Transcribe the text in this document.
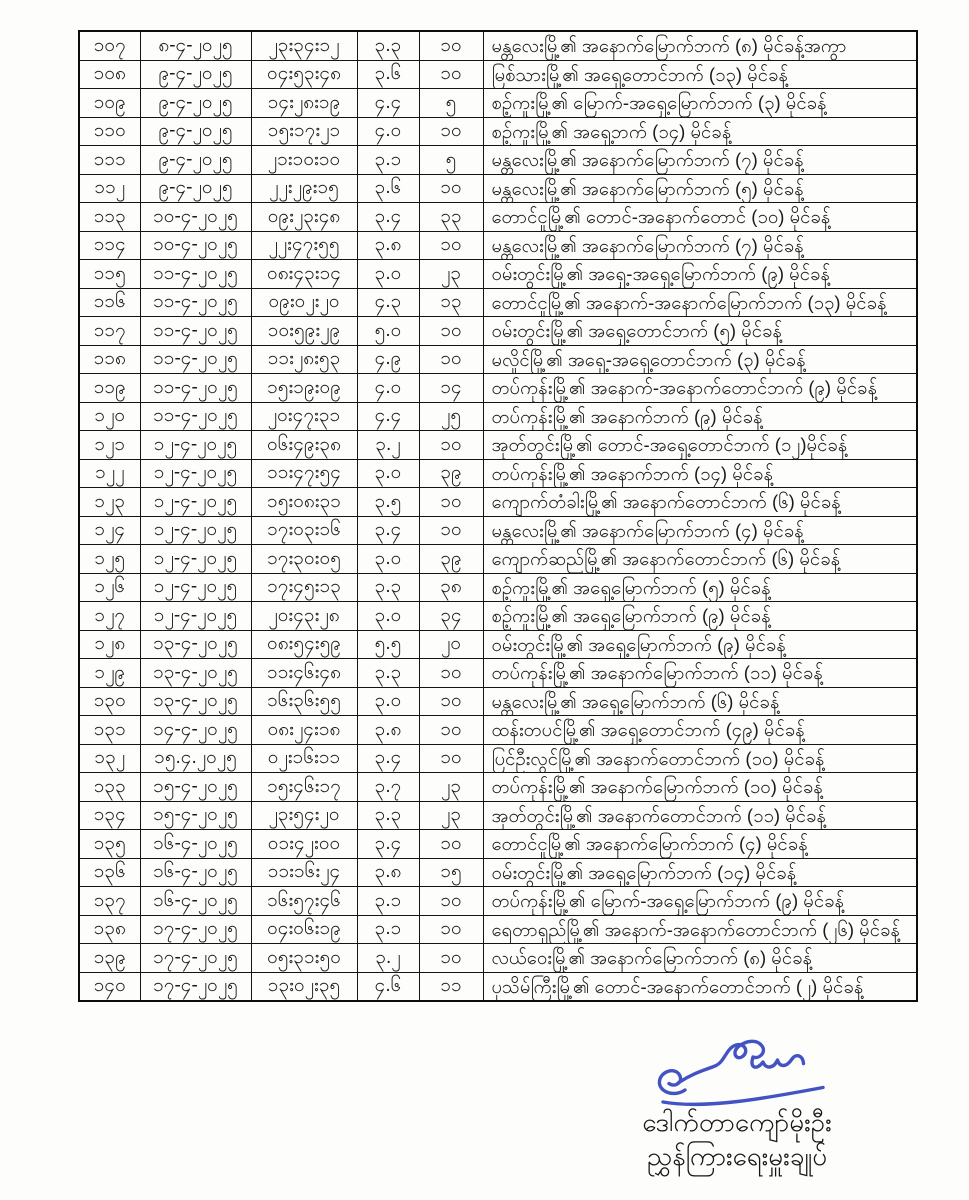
၁၀၇	၈-၄-၂၀၂၅	၂၃း၃၄း၁၂	၃.၃	၁၀	မန္တလေးမြို့၏ အနောက်မြောက်ဘက် (၈) မိုင်ခန့်အကွာ
၁၀၈	၉-၄-၂၀၂၅	၀၄း၅၃း၄၈	၃.၆	၁၀	မြစ်သားမြို့၏ အရှေ့တောင်ဘက် (၁၃) မိုင်ခန့်
၁၀၉	၉-၄-၂၀၂၅	၁၄း၂၈း၁၉	၄.၄	၅	စဉ့်ကူးမြို့၏ မြောက်-အရှေ့မြောက်ဘက် (၃) မိုင်ခန့်
၁၁၀	၉-၄-၂၀၂၅	၁၅း၁၇း၂၁	၄.၀	၁၀	စဉ့်ကူးမြို့၏ အရှေ့ဘက် (၁၄) မိုင်ခန့်
၁၁၁	၉-၄-၂၀၂၅	၂၁း၁၀း၁၀	၃.၁	၅	မန္တလေးမြို့၏ အနောက်မြောက်ဘက် (၇) မိုင်ခန့်
၁၁၂	၉-၄-၂၀၂၅	၂၂း၂၉း၁၅	၃.၆	၁၀	မန္တလေးမြို့၏ အနောက်မြောက်ဘက် (၅) မိုင်ခန့်
၁၁၃	၁၀-၄-၂၀၂၅	၀၉း၂၃း၄၈	၃.၄	၃၃	တောင်ငူမြို့၏ တောင်-အနောက်တောင် (၁၀) မိုင်ခန့်
၁၁၄	၁၀-၄-၂၀၂၅	၂၂း၄၇း၅၅	၃.၈	၁၀	မန္တလေးမြို့၏ အနောက်မြောက်ဘက် (၇) မိုင်ခန့်
၁၁၅	၁၁-၄-၂၀၂၅	၀၈း၄၃း၁၄	၃.၀	၂၃	ဝမ်းတွင်းမြို့၏ အရှေ့-အရှေ့မြောက်ဘက် (၉) မိုင်ခန့်
၁၁၆	၁၁-၄-၂၀၂၅	၀၉း၀၂း၂၀	၄.၃	၁၃	တောင်ငူမြို့၏ အနောက်-အနောက်မြောက်ဘက် (၁၃) မိုင်ခန့်
၁၁၇	၁၁-၄-၂၀၂၅	၁၀း၅၉း၂၉	၅.၀	၁၀	ဝမ်းတွင်းမြို့၏ အရှေ့တောင်ဘက် (၅) မိုင်ခန့်
၁၁၈	၁၁-၄-၂၀၂၅	၁၁း၂၈း၅၃	၄.၉	၁၀	မလှိုင်မြို့၏ အရှေ့-အရှေ့တောင်ဘက် (၃) မိုင်ခန့်
၁၁၉	၁၁-၄-၂၀၂၅	၁၅း၁၉း၀၉	၄.၀	၁၄	တပ်ကုန်းမြို့၏ အနောက်-အနောက်တောင်ဘက် (၉) မိုင်ခန့်
၁၂၀	၁၁-၄-၂၀၂၅	၂၀း၄၇း၃၁	၄.၄	၂၅	တပ်ကုန်းမြို့၏ အနောက်ဘက် (၉) မိုင်ခန့်
၁၂၁	၁၂-၄-၂၀၂၅	၀၆း၄၉း၃၈	၃.၂	၁၀	အုတ်တွင်းမြို့၏ တောင်-အရှေ့တောင်ဘက် (၁၂)မိုင်ခန့်
၁၂၂	၁၂-၄-၂၀၂၅	၁၁း၄၇း၅၄	၃.၀	၃၉	တပ်ကုန်းမြို့၏ အနောက်ဘက် (၁၄) မိုင်ခန့်
၁၂၃	၁၂-၄-၂၀၂၅	၁၅း၀၈း၃၁	၃.၅	၁၀	ကျောက်တံခါးမြို့၏ အနောက်တောင်ဘက် (၆) မိုင်ခန့်
၁၂၄	၁၂-၄-၂၀၂၅	၁၇း၀၃း၁၆	၃.၄	၁၀	မန္တလေးမြို့၏ အနောက်မြောက်ဘက် (၄) မိုင်ခန့်
၁၂၅	၁၂-၄-၂၀၂၅	၁၇း၃၀း၀၅	၃.၀	၃၉	ကျောက်ဆည်မြို့၏ အနောက်တောင်ဘက် (၆) မိုင်ခန့်
၁၂၆	၁၂-၄-၂၀၂၅	၁၇း၄၅း၁၃	၃.၃	၃၈	စဉ့်ကူးမြို့၏ အရှေ့မြောက်ဘက် (၅) မိုင်ခန့်
၁၂၇	၁၂-၄-၂၀၂၅	၂၀း၄၃း၂၈	၃.၀	၃၄	စဉ့်ကူးမြို့၏ အရှေ့မြောက်ဘက် (၉) မိုင်ခန့်
၁၂၈	၁၃-၄-၂၀၂၅	၀၈း၅၄း၅၉	၅.၅	၂၀	ဝမ်းတွင်းမြို့၏ အရှေ့မြောက်ဘက် (၉) မိုင်ခန့်
၁၂၉	၁၃-၄-၂၀၂၅	၁၁း၄၆း၄၈	၃.၃	၁၀	တပ်ကုန်းမြို့၏ အနောက်မြောက်ဘက် (၁၁) မိုင်ခန့်
၁၃၀	၁၃-၄-၂၀၂၅	၁၆း၃၆း၅၅	၃.၀	၁၀	မန္တလေးမြို့၏ အရှေ့မြောက်ဘက် (၆) မိုင်ခန့်
၁၃၁	၁၄-၄-၂၀၂၅	၀၈း၂၄း၁၈	၃.၈	၁၀	ထန်းတပင်မြို့၏ အရှေ့တောင်ဘက် (၄၉) မိုင်ခန့်
၁၃၂	၁၅.၄.၂၀၂၅	၀၂း၁၆း၁၁	၃.၄	၁၀	ပြင်ဦးလွင်မြို့၏ အနောက်တောင်ဘက် (၁၀) မိုင်ခန့်
၁၃၃	၁၅-၄-၂၀၂၅	၁၅း၄၆း၁၇	၃.၇	၂၃	တပ်ကုန်းမြို့၏ အနောက်မြောက်ဘက် (၁၀) မိုင်ခန့်
၁၃၄	၁၅-၄-၂၀၂၅	၂၃း၅၄း၂၀	၃.၃	၂၃	အုတ်တွင်းမြို့၏ အနောက်တောင်ဘက် (၁၁) မိုင်ခန့်
၁၃၅	၁၆-၄-၂၀၂၅	၀၁း၄၂း၀၀	၃.၄	၁၀	တောင်ငူမြို့၏ အနောက်မြောက်ဘက် (၄) မိုင်ခန့်
၁၃၆	၁၆-၄-၂၀၂၅	၁၁း၁၆း၂၄	၃.၈	၁၅	ဝမ်းတွင်းမြို့၏ အရှေ့မြောက်ဘက် (၁၄) မိုင်ခန့်
၁၃၇	၁၆-၄-၂၀၂၅	၁၆း၅၇း၄၆	၃.၁	၁၀	တပ်ကုန်းမြို့၏ မြောက်-အရှေ့မြောက်ဘက် (၉) မိုင်ခန့်
၁၃၈	၁၇-၄-၂၀၂၅	၀၄း၀၆း၁၉	၃.၁	၁၀	ရေတာရှည်မြို့၏ အနောက်-အနောက်တောင်ဘက် (၂၆) မိုင်ခန့်
၁၃၉	၁၇-၄-၂၀၂၅	၀၅း၃၁း၅၀	၃.၂	၁၀	လယ်ဝေးမြို့၏ အနောက်မြောက်ဘက် (၈) မိုင်ခန့်
၁၄၀	၁၇-၄-၂၀၂၅	၁၃း၀၂း၃၅	၄.၆	၁၁	ပုသိမ်ကြီးမြို့၏ တောင်-အနောက်တောင်ဘက် (၂) မိုင်ခန့်
ဒေါက်တာကျော်မိုးဦး
ညွှန်ကြားရေးမှူးချုပ်
